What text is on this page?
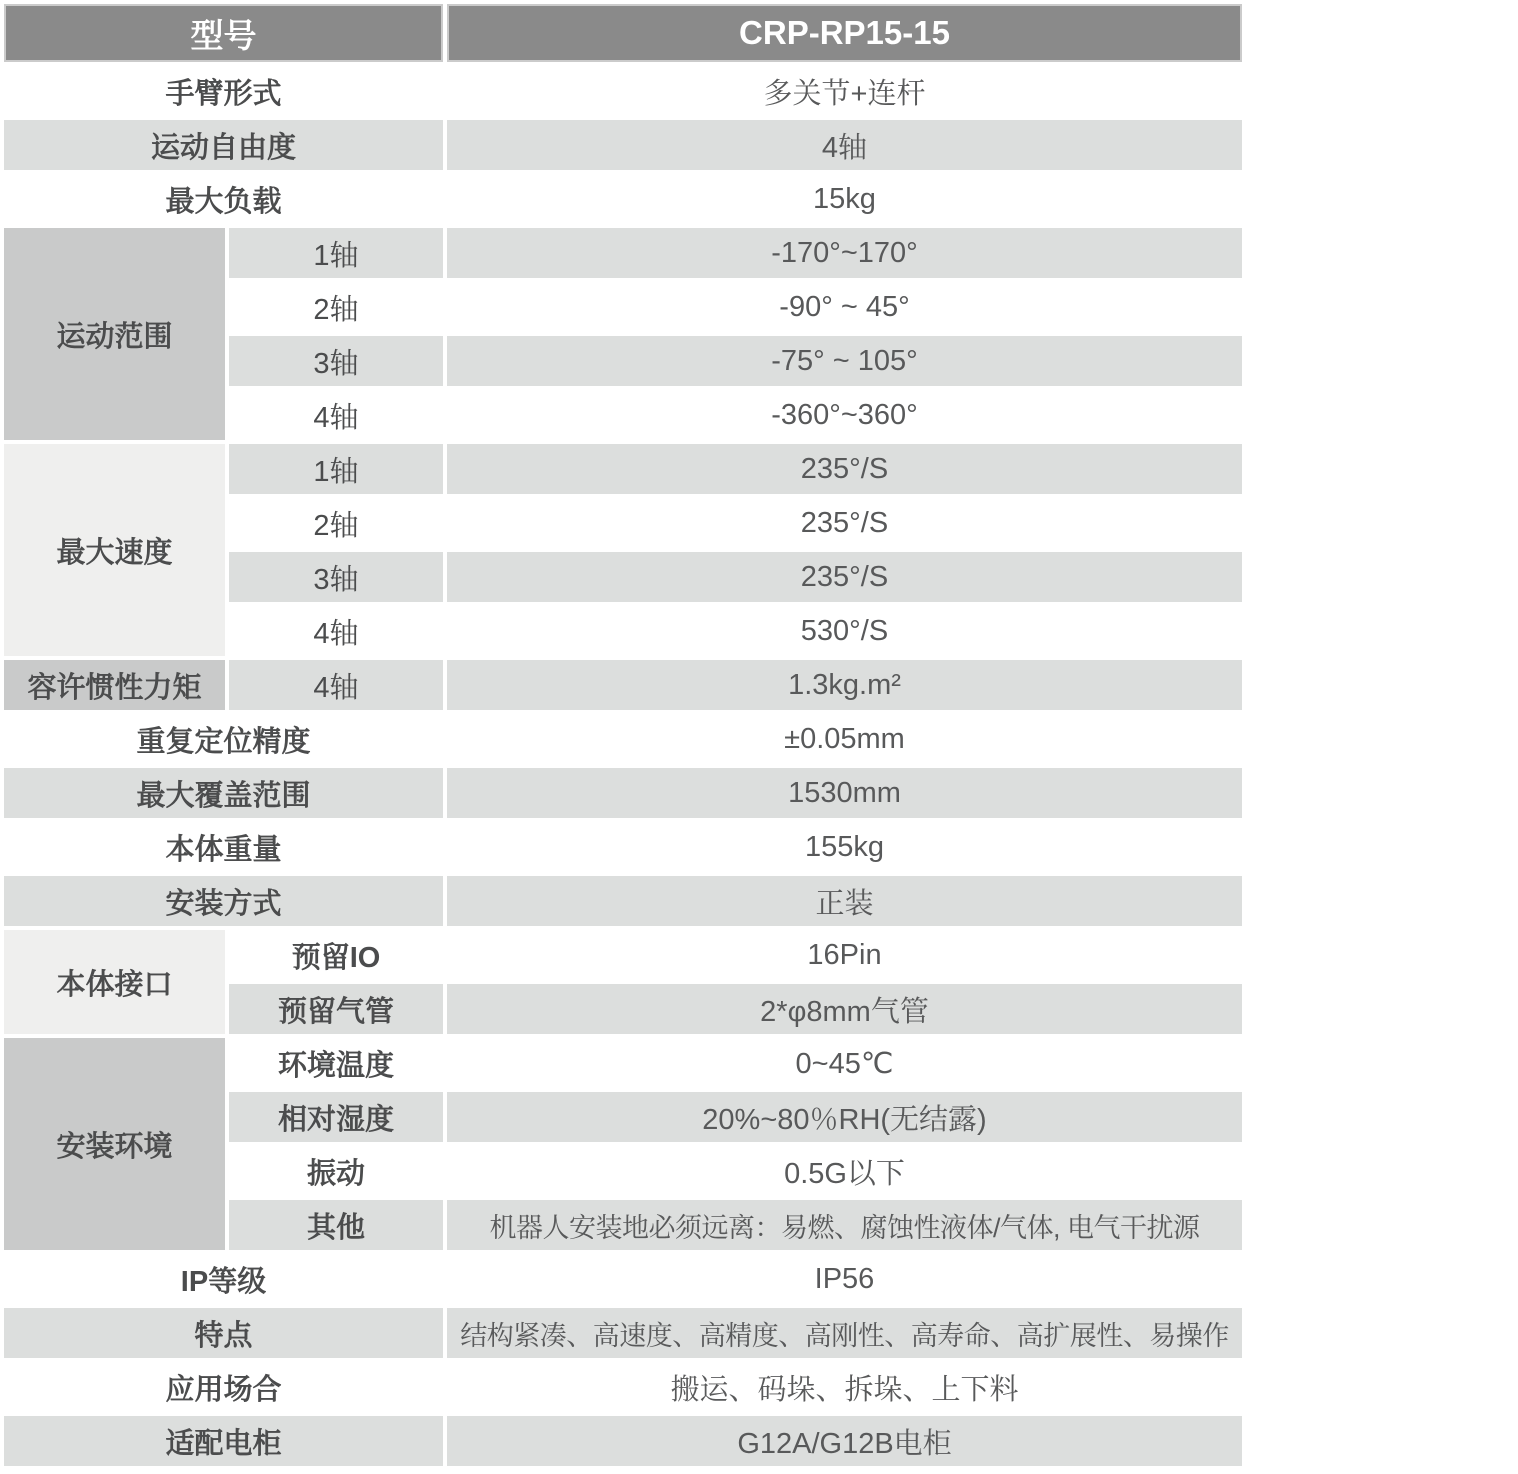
型号		CRP-RP15-15
手臂形式		多关节+连杆
运动自由度		4轴
最大负载		15kg
运动范围	1轴	-170°~170°
	2轴	-90° ~ 45°
	3轴	-75° ~ 105°
	4轴	-360°~360°
最大速度	1轴	235°/S
	2轴	235°/S
	3轴	235°/S
	4轴	530°/S
容许惯性力矩	4轴	1.3kg.m²
重复定位精度		±0.05mm
最大覆盖范围		1530mm
本体重量		155kg
安装方式		正装
本体接口	预留IO	16Pin
	预留气管	2*φ8mm气管
安装环境	环境温度	0~45℃
	相对湿度	20%~80％RH(无结露)
	振动	0.5G以下
	其他	机器人安装地必须远离：易燃、腐蚀性液体/气体, 电气干扰源
IP等级		IP56
特点		结构紧凑、高速度、高精度、高刚性、高寿命、高扩展性、易操作
应用场合		搬运、码垛、拆垛、上下料
适配电柜		G12A/G12B电柜
